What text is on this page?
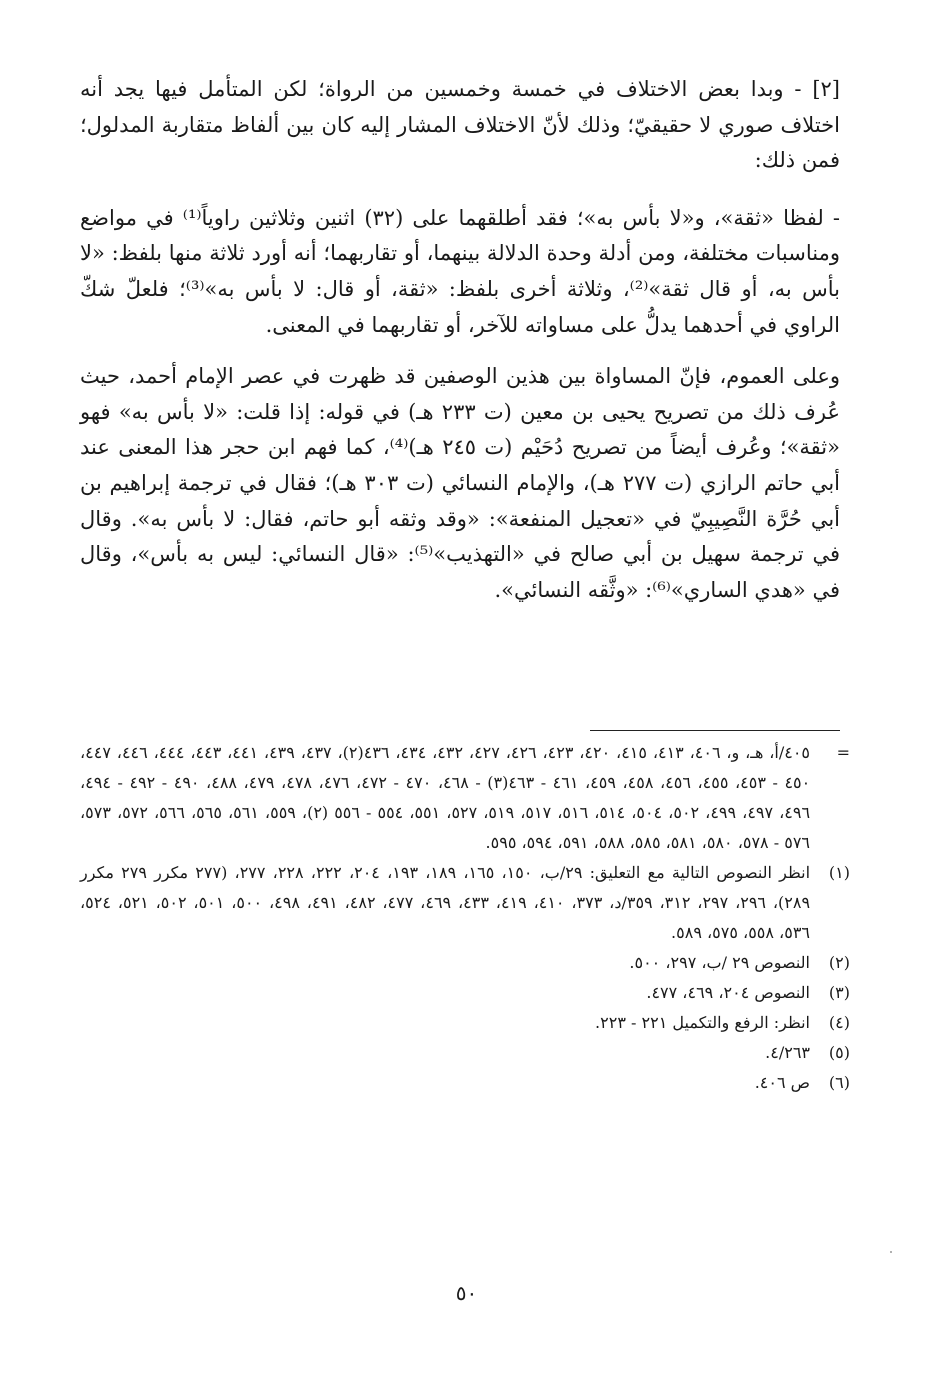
[٢] - وبدا بعض الاختلاف في خمسة وخمسين من الرواة؛ لكن المتأمل فيها يجد أنه اختلاف صوري لا حقيقيّ؛ وذلك لأنّ الاختلاف المشار إليه كان بين ألفاظ متقاربة المدلول؛ فمن ذلك:

- لفظا «ثقة»، و«لا بأس به»؛ فقد أطلقهما على (٣٢) اثنين وثلاثين راوياً⁽¹⁾ في مواضع ومناسبات مختلفة، ومن أدلة وحدة الدلالة بينهما، أو تقاربهما؛ أنه أورد ثلاثة منها بلفظ: «لا بأس به، أو قال ثقة»⁽²⁾، وثلاثة أخرى بلفظ: «ثقة، أو قال: لا بأس به»⁽³⁾؛ فلعلّ شكّ الراوي في أحدهما يدلُّ على مساواته للآخر، أو تقاربهما في المعنى.

وعلى العموم، فإنّ المساواة بين هذين الوصفين قد ظهرت في عصر الإمام أحمد، حيث عُرف ذلك من تصريح يحيى بن معين (ت ٢٣٣ هـ) في قوله: إذا قلت: «لا بأس به» فهو «ثقة»؛ وعُرف أيضاً من تصريح دُحَيْم (ت ٢٤٥ هـ)⁽⁴⁾، كما فهم ابن حجر هذا المعنى عند أبي حاتم الرازي (ت ٢٧٧ هـ)، والإمام النسائي (ت ٣٠٣ هـ)؛ فقال في ترجمة إبراهيم بن أبي حُرَّة النَّصِيبِيّ في «تعجيل المنفعة»: «وقد وثقه أبو حاتم، فقال: لا بأس به». وقال في ترجمة سهيل بن أبي صالح في «التهذيب»⁽⁵⁾: «قال النسائي: ليس به بأس»، وقال في «هدي الساري»⁽⁶⁾: «وثَّقه النسائي».

=
٤٠٥/أ، هـ، و، ٤٠٦، ٤١٣، ٤١٥، ٤٢٠، ٤٢٣، ٤٢٦، ٤٢٧، ٤٣٢، ٤٣٤، ٤٣٦(٢)، ٤٣٧، ٤٣٩، ٤٤١، ٤٤٣، ٤٤٤، ٤٤٦، ٤٤٧، ٤٥٠ - ٤٥٣، ٤٥٥، ٤٥٦، ٤٥٨، ٤٥٩، ٤٦١ - ٤٦٣(٣) - ٤٦٨، ٤٧٠ - ٤٧٢، ٤٧٦، ٤٧٨، ٤٧٩، ٤٨٨، ٤٩٠ - ٤٩٢ - ٤٩٤، ٤٩٦، ٤٩٧، ٤٩٩، ٥٠٢، ٥٠٤، ٥١٤، ٥١٦، ٥١٧، ٥١٩، ٥٢٧، ٥٥١، ٥٥٤ - ٥٥٦ (٢)، ٥٥٩، ٥٦١، ٥٦٥، ٥٦٦، ٥٧٢، ٥٧٣، ٥٧٦ - ٥٧٨، ٥٨٠، ٥٨١، ٥٨٥، ٥٨٨، ٥٩١، ٥٩٤، ٥٩٥.
(١)
انظر النصوص التالية مع التعليق: ٢٩/ب، ١٥٠، ١٦٥، ١٨٩، ١٩٣، ٢٠٤، ٢٢٢، ٢٢٨، ٢٧٧، (٢٧٧ مكرر ٢٧٩ مكرر ٢٨٩)، ٢٩٦، ٢٩٧، ٣١٢، ٣٥٩/د، ٣٧٣، ٤١٠، ٤١٩، ٤٣٣، ٤٦٩، ٤٧٧، ٤٨٢، ٤٩١، ٤٩٨، ٥٠٠، ٥٠١، ٥٠٢، ٥٢١، ٥٢٤، ٥٣٦، ٥٥٨، ٥٧٥، ٥٨٩.
(٢)
النصوص ٢٩ /ب، ٢٩٧، ٥٠٠.
(٣)
النصوص ٢٠٤، ٤٦٩، ٤٧٧.
(٤)
انظر: الرفع والتكميل ٢٢١ - ٢٢٣.
(٥)
٤/٢٦٣.
(٦)
ص ٤٠٦.
٥٠
